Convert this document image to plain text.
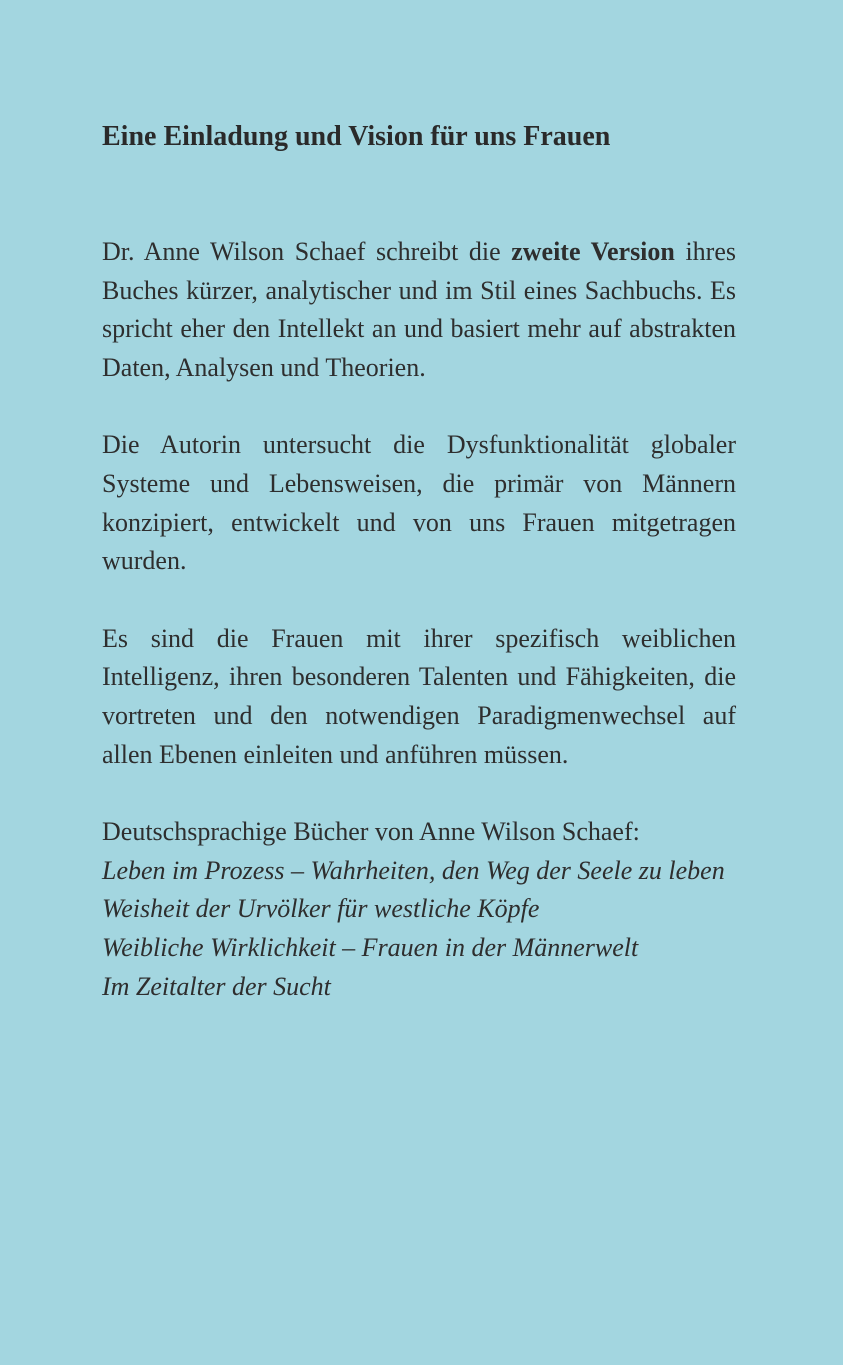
Eine Einladung und Vision für uns Frauen

Dr. Anne Wilson Schaef schreibt die zweite Version ihres Buches kürzer, analytischer und im Stil eines Sachbuchs. Es spricht eher den Intellekt an und basiert mehr auf abstrakten Daten, Analysen und Theorien.

Die Autorin untersucht die Dysfunktionalität globaler Systeme und Lebensweisen, die primär von Männern konzipiert, entwickelt und von uns Frauen mitgetragen wurden.

Es sind die Frauen mit ihrer spezifisch weiblichen Intelligenz, ihren besonderen Talenten und Fähigkeiten, die vortreten und den notwendigen Paradigmenwechsel auf allen Ebenen einleiten und anführen müssen.

Deutschsprachige Bücher von Anne Wilson Schaef:

Leben im Prozess – Wahrheiten, den Weg der Seele zu leben

Weisheit der Urvölker für westliche Köpfe

Weibliche Wirklichkeit – Frauen in der Männerwelt

Im Zeitalter der Sucht
